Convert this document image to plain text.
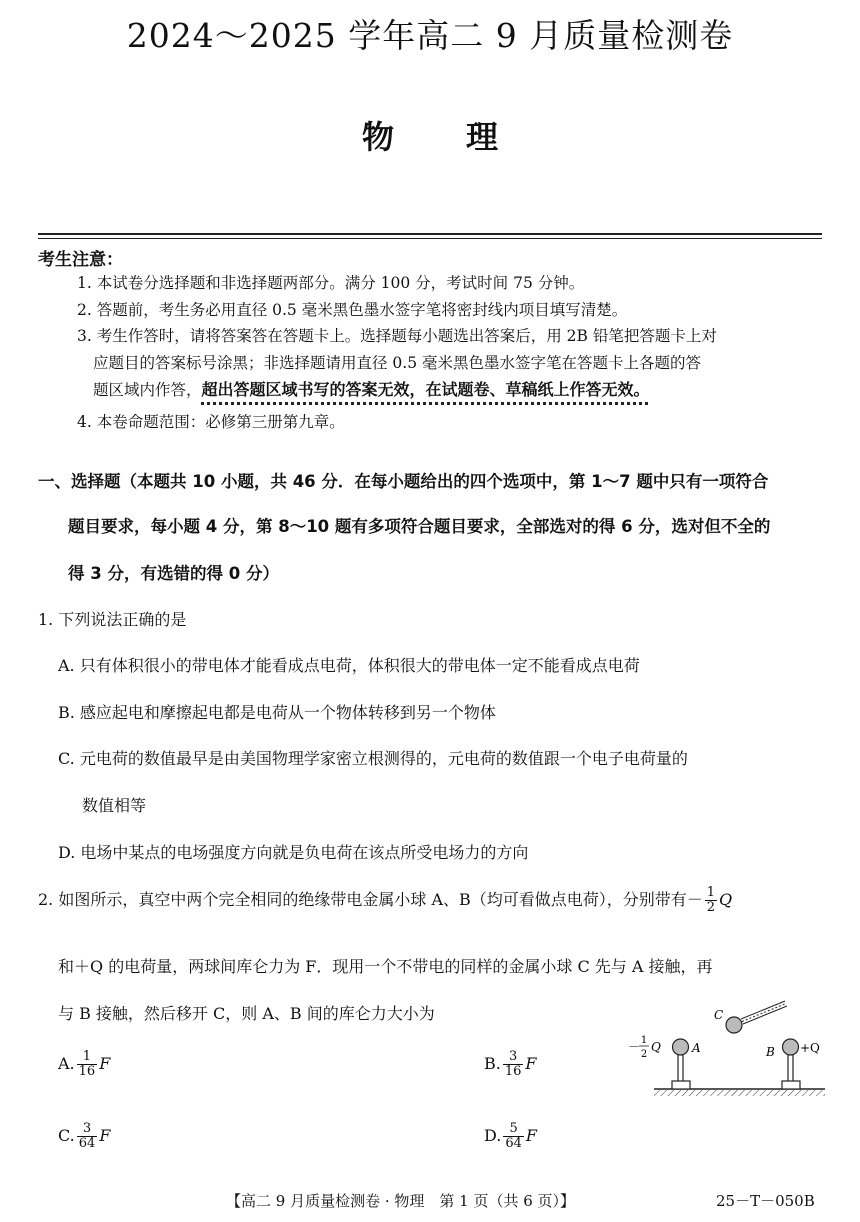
2024～2025 学年高二 9 月质量检测卷
物理
考生注意：
1. 本试卷分选择题和非选择题两部分。满分 100 分，考试时间 75 分钟。
2. 答题前，考生务必用直径 0.5 毫米黑色墨水签字笔将密封线内项目填写清楚。
3. 考生作答时，请将答案答在答题卡上。选择题每小题选出答案后，用 2B 铅笔把答题卡上对
应题目的答案标号涂黑；非选择题请用直径 0.5 毫米黑色墨水签字笔在答题卡上各题的答
题区域内作答，超出答题区域书写的答案无效，在试题卷、草稿纸上作答无效。
4. 本卷命题范围：必修第三册第九章。
一、选择题（本题共 10 小题，共 46 分．在每小题给出的四个选项中，第 1～7 题中只有一项符合
题目要求，每小题 4 分，第 8～10 题有多项符合题目要求，全部选对的得 6 分，选对但不全的
得 3 分，有选错的得 0 分）
1. 下列说法正确的是
A. 只有体积很小的带电体才能看成点电荷，体积很大的带电体一定不能看成点电荷
B. 感应起电和摩擦起电都是电荷从一个物体转移到另一个物体
C. 元电荷的数值最早是由美国物理学家密立根测得的，元电荷的数值跟一个电子电荷量的
数值相等
D. 电场中某点的电场强度方向就是负电荷在该点所受电场力的方向
2. 如图所示，真空中两个完全相同的绝缘带电金属小球 A、B（均可看做点电荷），分别带有－ $\frac{1}{2}$ Q
和＋Q 的电荷量，两球间库仑力为 F．现用一个不带电的同样的金属小球 C 先与 A 接触，再
与 B 接触，然后移开 C，则 A、B 间的库仑力大小为
A. $\frac{1}{16}$ F	B. $\frac{3}{16}$ F
C. $\frac{3}{64}$ F	D. $\frac{5}{64}$ F
C
A	B +Q
－ 1
2
Q
【高二 9 月质量检测卷 · 物理　第 1 页（共 6 页）】	25－T－050B
